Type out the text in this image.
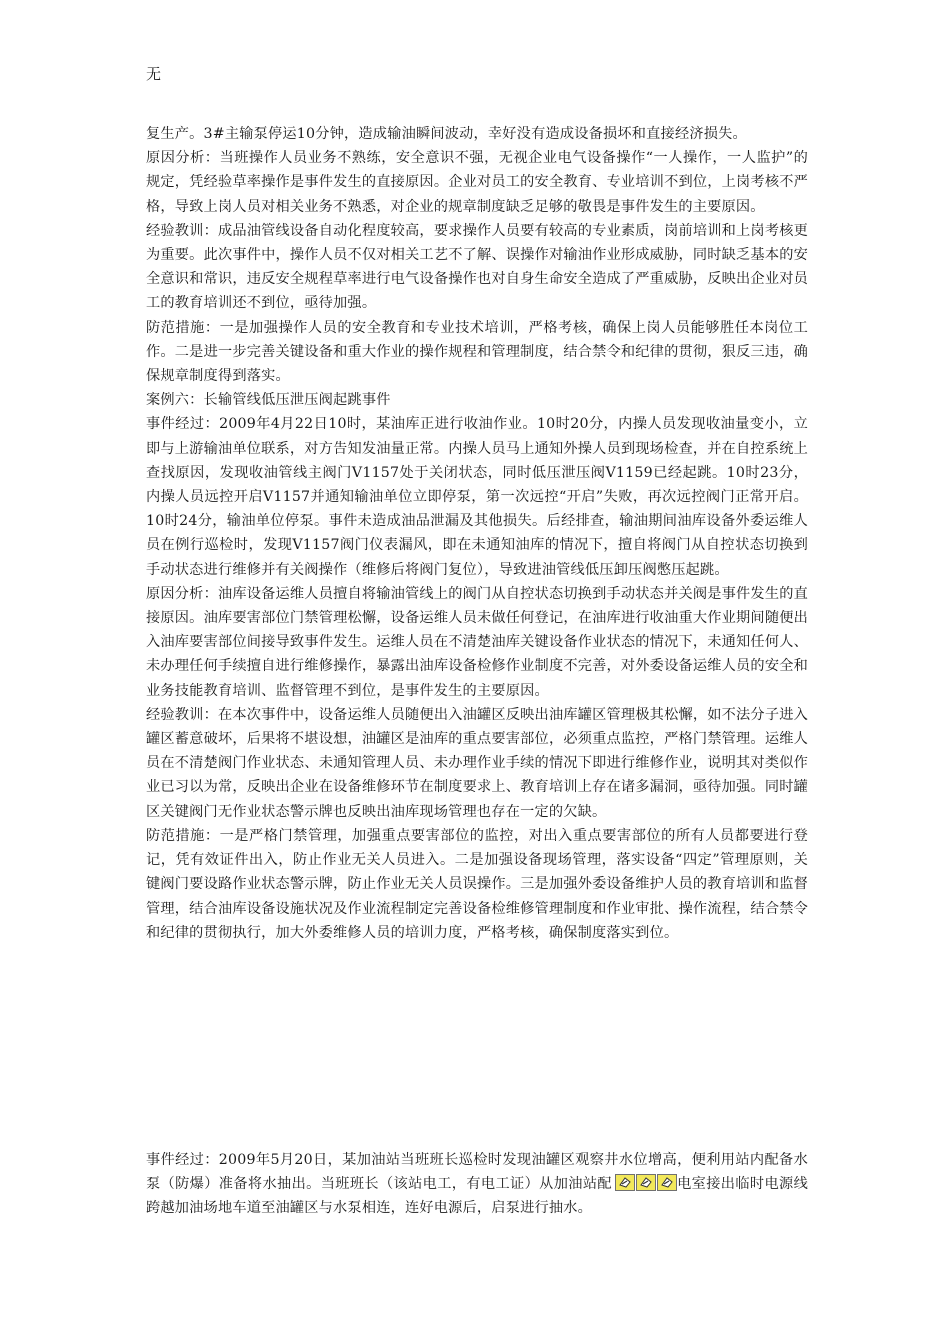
无

复生产。3#主输泵停运10分钟，造成输油瞬间波动，幸好没有造成设备损坏和直接经济损失。

原因分析：当班操作人员业务不熟练，安全意识不强，无视企业电气设备操作“一人操作，一人监护”的规定，凭经验草率操作是事件发生的直接原因。企业对员工的安全教育、专业培训不到位，上岗考核不严格，导致上岗人员对相关业务不熟悉，对企业的规章制度缺乏足够的敬畏是事件发生的主要原因。

经验教训：成品油管线设备自动化程度较高，要求操作人员要有较高的专业素质，岗前培训和上岗考核更为重要。此次事件中，操作人员不仅对相关工艺不了解、误操作对输油作业形成威胁，同时缺乏基本的安全意识和常识，违反安全规程草率进行电气设备操作也对自身生命安全造成了严重威胁，反映出企业对员工的教育培训还不到位，亟待加强。

防范措施：一是加强操作人员的安全教育和专业技术培训，严格考核，确保上岗人员能够胜任本岗位工作。二是进一步完善关键设备和重大作业的操作规程和管理制度，结合禁令和纪律的贯彻，狠反三违，确保规章制度得到落实。

案例六：长输管线低压泄压阀起跳事件

事件经过：2009年4月22日10时，某油库正进行收油作业。10时20分，内操人员发现收油量变小，立即与上游输油单位联系，对方告知发油量正常。内操人员马上通知外操人员到现场检查，并在自控系统上查找原因，发现收油管线主阀门V1157处于关闭状态，同时低压泄压阀V1159已经起跳。10时23分，内操人员远控开启V1157并通知输油单位立即停泵，第一次远控“开启”失败，再次远控阀门正常开启。10时24分，输油单位停泵。事件未造成油品泄漏及其他损失。后经排查，输油期间油库设备外委运维人员在例行巡检时，发现V1157阀门仪表漏风，即在未通知油库的情况下，擅自将阀门从自控状态切换到手动状态进行维修并有关阀操作（维修后将阀门复位），导致进油管线低压卸压阀憋压起跳。

原因分析：油库设备运维人员擅自将输油管线上的阀门从自控状态切换到手动状态并关阀是事件发生的直接原因。油库要害部位门禁管理松懈，设备运维人员未做任何登记，在油库进行收油重大作业期间随便出入油库要害部位间接导致事件发生。运维人员在不清楚油库关键设备作业状态的情况下，未通知任何人、未办理任何手续擅自进行维修操作，暴露出油库设备检修作业制度不完善，对外委设备运维人员的安全和业务技能教育培训、监督管理不到位，是事件发生的主要原因。

经验教训：在本次事件中，设备运维人员随便出入油罐区反映出油库罐区管理极其松懈，如不法分子进入罐区蓄意破坏，后果将不堪设想，油罐区是油库的重点要害部位，必须重点监控，严格门禁管理。运维人员在不清楚阀门作业状态、未通知管理人员、未办理作业手续的情况下即进行维修作业，说明其对类似作业已习以为常，反映出企业在设备维修环节在制度要求上、教育培训上存在诸多漏洞，亟待加强。同时罐区关键阀门无作业状态警示牌也反映出油库现场管理也存在一定的欠缺。

防范措施：一是严格门禁管理，加强重点要害部位的监控，对出入重点要害部位的所有人员都要进行登记，凭有效证件出入，防止作业无关人员进入。二是加强设备现场管理，落实设备“四定”管理原则，关键阀门要设路作业状态警示牌，防止作业无关人员误操作。三是加强外委设备维护人员的教育培训和监督管理，结合油库设备设施状况及作业流程制定完善设备检维修管理制度和作业审批、操作流程，结合禁令和纪律的贯彻执行，加大外委维修人员的培训力度，严格考核，确保制度落实到位。

事件经过：2009年5月20日，某加油站当班班长巡检时发现油罐区观察井水位增高，便利用站内配备水泵（防爆）准备将水抽出。当班班长（该站电工，有电工证）从加油站配	电室接出临时电源线跨越加油场地车道至油罐区与水泵相连，连好电源后，启泵进行抽水。
